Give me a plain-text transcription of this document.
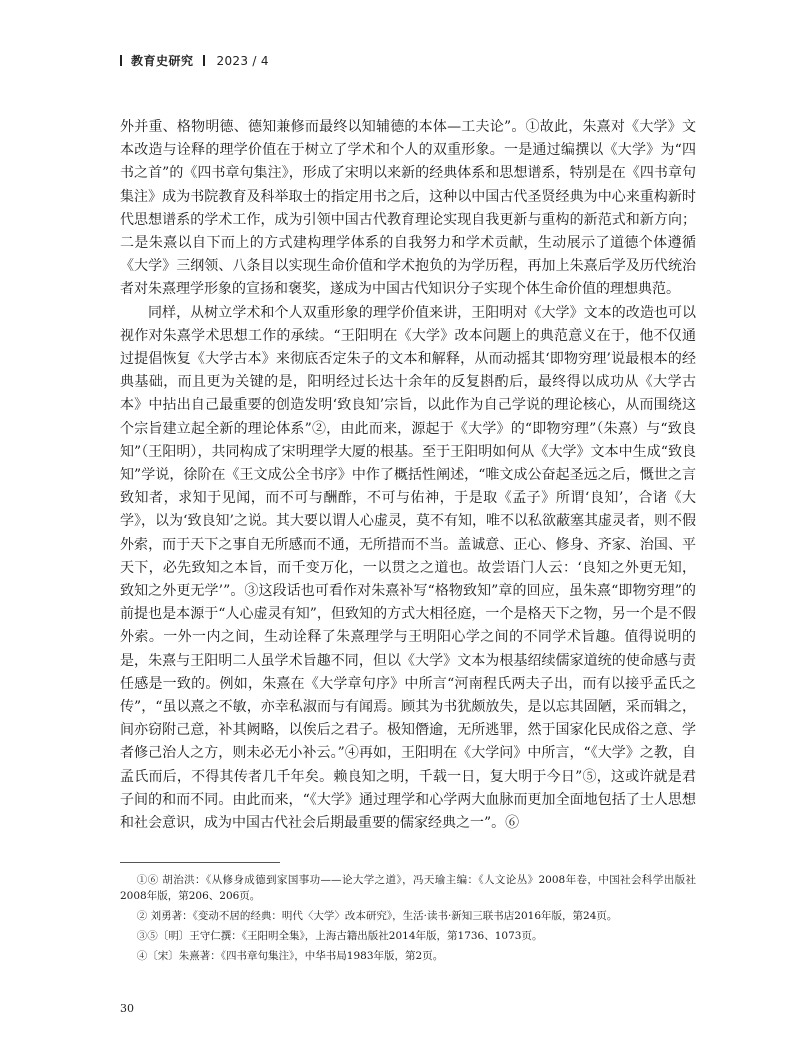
教育史研究 2023 / 4

外并重、格物明德、德知兼修而最终以知辅德的本体—工夫论”。①故此，朱熹对《大学》文本改造与诠释的理学价值在于树立了学术和个人的双重形象。一是通过编撰以《大学》为“四书之首”的《四书章句集注》，形成了宋明以来新的经典体系和思想谱系，特别是在《四书章句集注》成为书院教育及科举取士的指定用书之后，这种以中国古代圣贤经典为中心来重构新时代思想谱系的学术工作，成为引领中国古代教育理论实现自我更新与重构的新范式和新方向；二是朱熹以自下而上的方式建构理学体系的自我努力和学术贡献，生动展示了道德个体遵循《大学》三纲领、八条目以实现生命价值和学术抱负的为学历程，再加上朱熹后学及历代统治者对朱熹理学形象的宣扬和褒奖，遂成为中国古代知识分子实现个体生命价值的理想典范。

同样，从树立学术和个人双重形象的理学价值来讲，王阳明对《大学》文本的改造也可以视作对朱熹学术思想工作的承续。“王阳明在《大学》改本问题上的典范意义在于，他不仅通过提倡恢复《大学古本》来彻底否定朱子的文本和解释，从而动摇其‘即物穷理’说最根本的经典基础，而且更为关键的是，阳明经过长达十余年的反复斟酌后，最终得以成功从《大学古本》中拈出自己最重要的创造发明‘致良知’宗旨，以此作为自己学说的理论核心，从而围绕这个宗旨建立起全新的理论体系”②，由此而来，源起于《大学》的“即物穷理”（朱熹）与“致良知”（王阳明），共同构成了宋明理学大厦的根基。至于王阳明如何从《大学》文本中生成“致良知”学说，徐阶在《王文成公全书序》中作了概括性阐述，“唯文成公奋起圣远之后，慨世之言致知者，求知于见闻，而不可与酬酢，不可与佑神，于是取《孟子》所谓‘良知’，合诸《大学》，以为‘致良知’之说。其大要以谓人心虚灵，莫不有知，唯不以私欲蔽塞其虚灵者，则不假外索，而于天下之事自无所感而不通，无所措而不当。盖诚意、正心、修身、齐家、治国、平天下，必先致知之本旨，而千变万化，一以贯之之道也。故尝语门人云：‘良知之外更无知，致知之外更无学’”。③这段话也可看作对朱熹补写“格物致知”章的回应，虽朱熹“即物穷理”的前提也是本源于“人心虚灵有知”，但致知的方式大相径庭，一个是格天下之物，另一个是不假外索。一外一内之间，生动诠释了朱熹理学与王明阳心学之间的不同学术旨趣。值得说明的是，朱熹与王阳明二人虽学术旨趣不同，但以《大学》文本为根基绍续儒家道统的使命感与责任感是一致的。例如，朱熹在《大学章句序》中所言“河南程氏两夫子出，而有以接乎孟氏之传”，“虽以熹之不敏，亦幸私淑而与有闻焉。顾其为书犹颇放失，是以忘其固陋，采而辑之，间亦窃附己意，补其阙略，以俟后之君子。极知僭逾，无所逃罪，然于国家化民成俗之意、学者修己治人之方，则未必无小补云。”④再如，王阳明在《大学问》中所言，“《大学》之教，自孟氏而后，不得其传者几千年矣。赖良知之明，千载一日，复大明于今日”⑤，这或许就是君子间的和而不同。由此而来，“《大学》通过理学和心学两大血脉而更加全面地包括了士人思想和社会意识，成为中国古代社会后期最重要的儒家经典之一”。⑥

①⑥ 胡治洪：《从修身成德到家国事功——论大学之道》，冯天瑜主编：《人文论丛》2008年卷，中国社会科学出版社2008年版，第206、206页。

② 刘勇著：《变动不居的经典：明代〈大学〉改本研究》，生活·读书·新知三联书店2016年版，第24页。

③⑤〔明〕王守仁撰：《王阳明全集》，上海古籍出版社2014年版，第1736、1073页。

④〔宋〕朱熹著：《四书章句集注》，中华书局1983年版，第2页。

30
